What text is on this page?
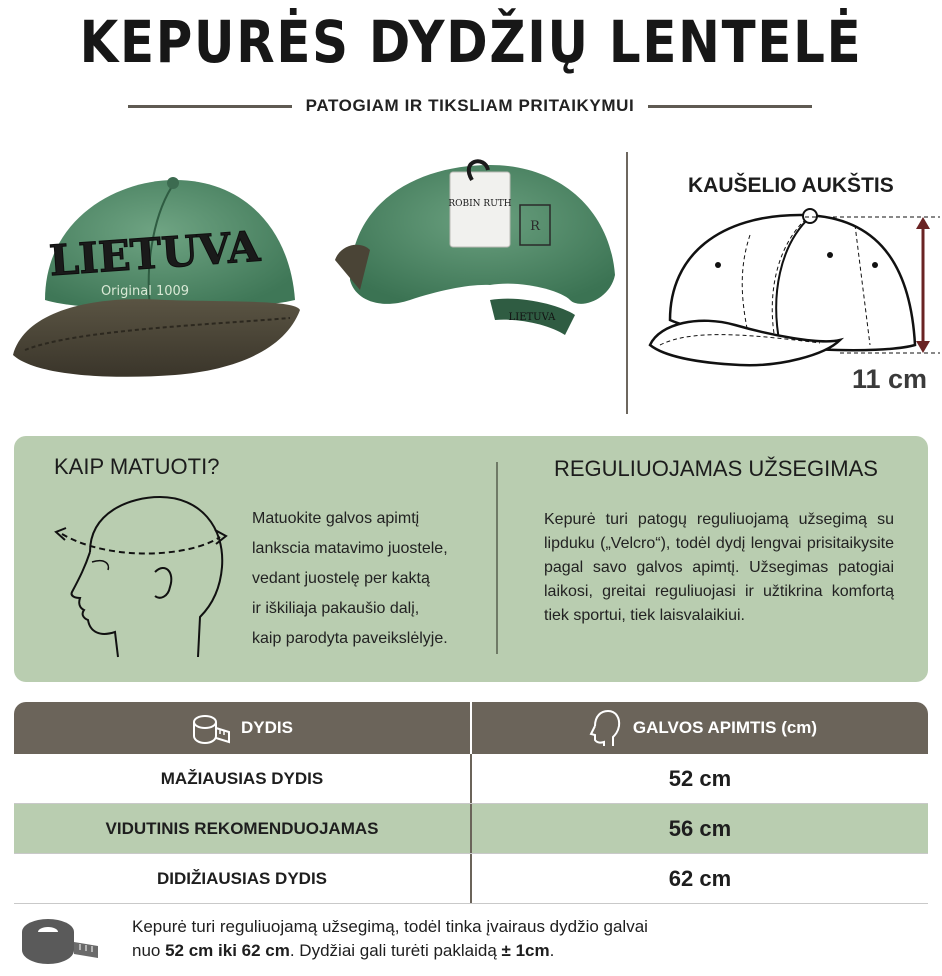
KEPURĖS DYDŽIŲ LENTELĖ
PATOGIAM IR TIKSLIAM PRITAIKYMUI
LIETUVA
Original 1009
LIETUVA
ROBIN RUTH
R
KAUŠELIO AUKŠTIS
11 cm
KAIP MATUOTI?
Matuokite galvos apimtį
lankscia matavimo juostele,
vedant juostelę per kaktą
ir iškiliaja pakaušio dalį,
kaip parodyta paveikslėlyje.
REGULIUOJAMAS UŽSEGIMAS
Kepurė turi patogų reguliuojamą užsegimą su lipduku („Velcro“), todėl dydį lengvai prisitaikysite pagal savo galvos apimtį. Užsegimas patogiai laikosi, greitai reguliuojasi ir užtikrina komfortą tiek sportui, tiek laisvalaikiui.
DYDIS	GALVOS APIMTIS (cm)
MAŽIAUSIAS DYDIS	52 cm
VIDUTINIS REKOMENDUOJAMAS	56 cm
DIDIŽIAUSIAS DYDIS	62 cm
Kepurė turi reguliuojamą užsegimą, todėl tinka įvairaus dydžio galvai
nuo 52 cm iki 62 cm. Dydžiai gali turėti paklaidą ± 1cm.
